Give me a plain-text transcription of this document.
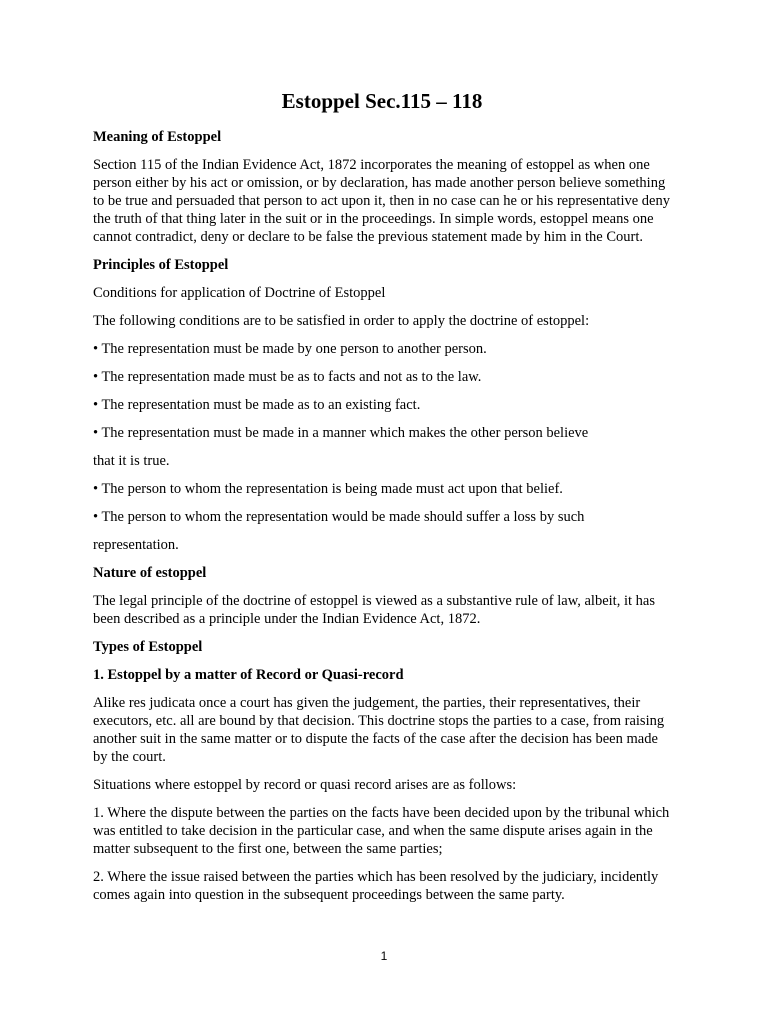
Estoppel Sec.115 – 118
Meaning of Estoppel
Section 115 of the Indian Evidence Act, 1872 incorporates the meaning of estoppel as when one person either by his act or omission, or by declaration, has made another person believe something to be true and persuaded that person to act upon it, then in no case can he or his representative deny the truth of that thing later in the suit or in the proceedings. In simple words, estoppel means one cannot contradict, deny or declare to be false the previous statement made by him in the Court.
Principles of Estoppel
Conditions for application of Doctrine of Estoppel
The following conditions are to be satisfied in order to apply the doctrine of estoppel:
• The representation must be made by one person to another person.
• The representation made must be as to facts and not as to the law.
• The representation must be made as to an existing fact.
• The representation must be made in a manner which makes the other person believe
that it is true.
• The person to whom the representation is being made must act upon that belief.
• The person to whom the representation would be made should suffer a loss by such
representation.
Nature of estoppel
The legal principle of the doctrine of estoppel is viewed as a substantive rule of law, albeit, it has been described as a principle under the Indian Evidence Act, 1872.
Types of Estoppel
1. Estoppel by a matter of Record or Quasi-record
Alike res judicata once a court has given the judgement, the parties, their representatives, their executors, etc. all are bound by that decision. This doctrine stops the parties to a case, from raising another suit in the same matter or to dispute the facts of the case after the decision has been made by the court.
Situations where estoppel by record or quasi record arises are as follows:
1. Where the dispute between the parties on the facts have been decided upon by the tribunal which was entitled to take decision in the particular case, and when the same dispute arises again in the matter subsequent to the first one, between the same parties;
2. Where the issue raised between the parties which has been resolved by the judiciary, incidently comes again into question in the subsequent proceedings between the same party.
1
